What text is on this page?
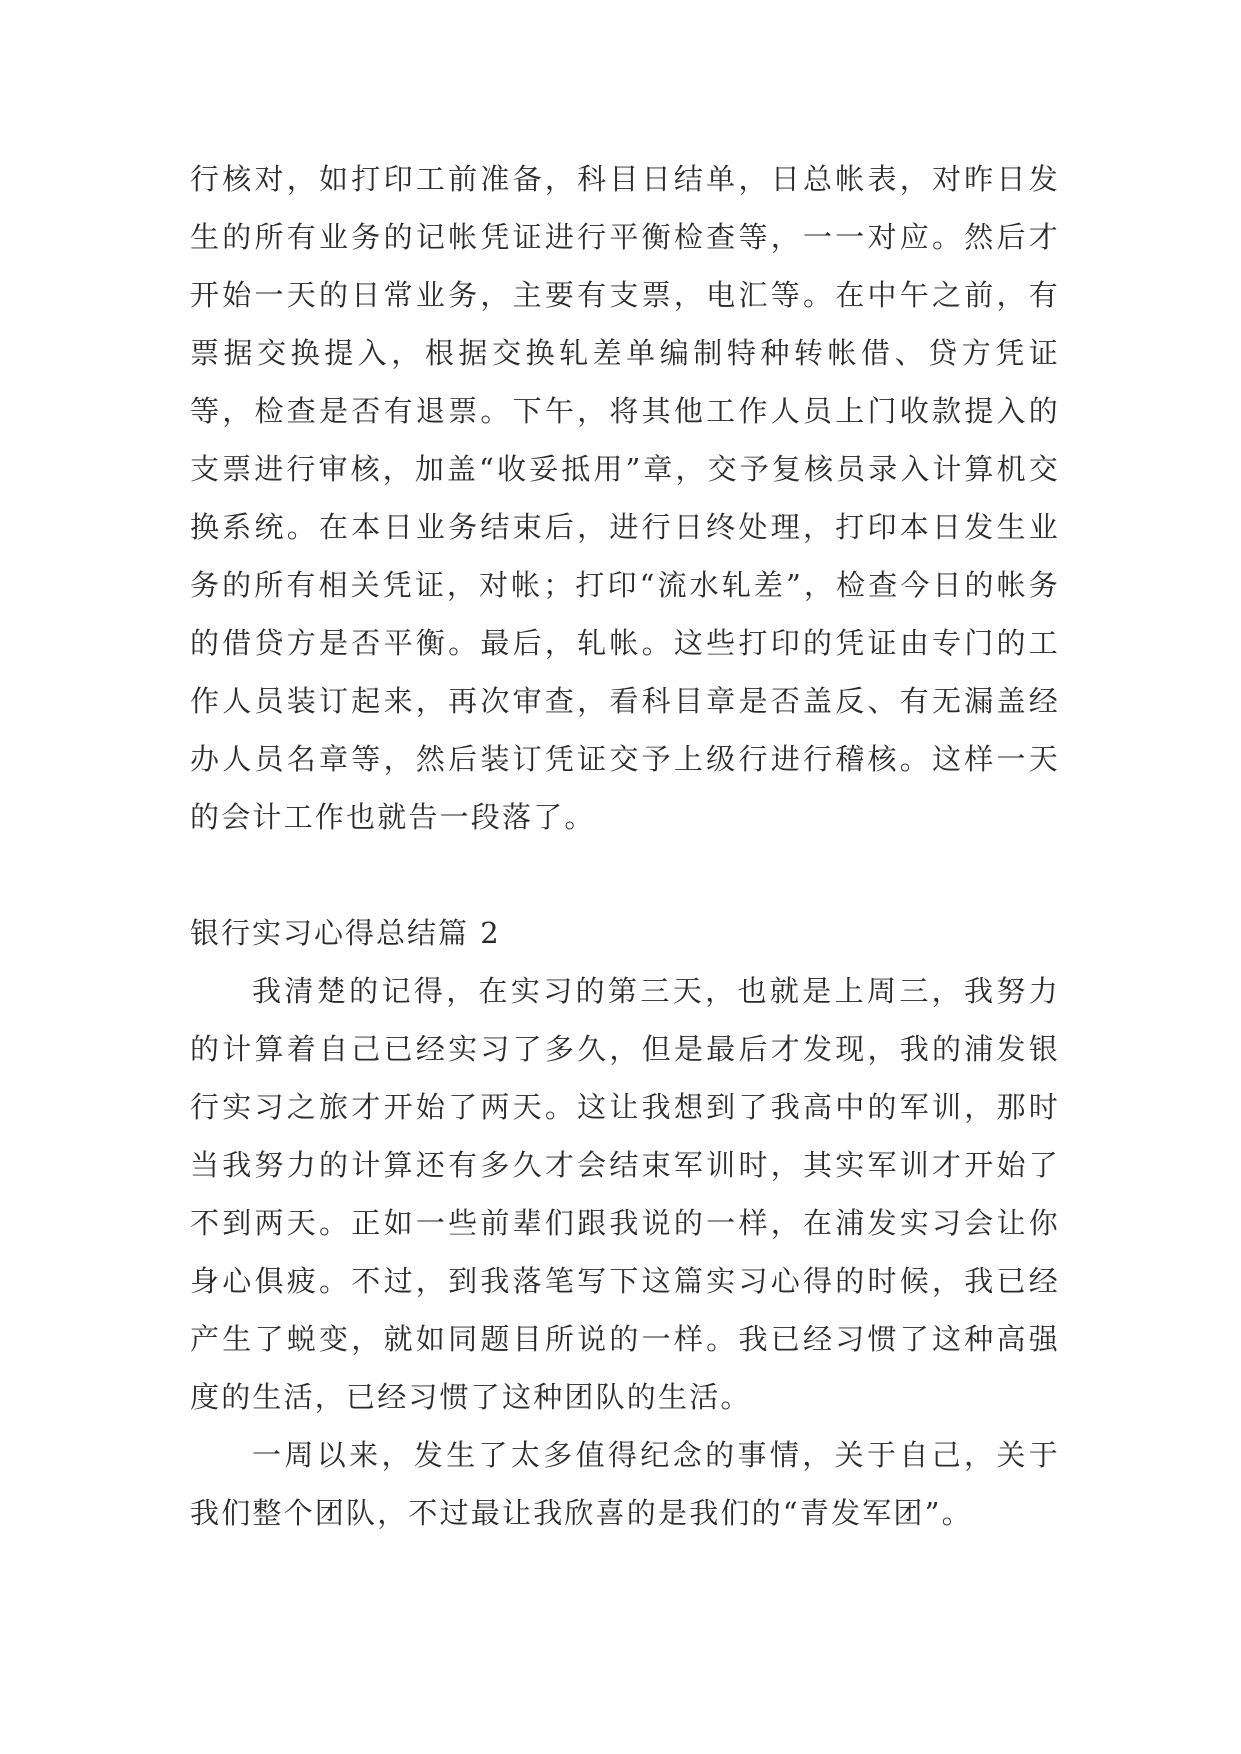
行核对，如打印工前准备，科目日结单，日总帐表，对昨日发生的所有业务的记帐凭证进行平衡检查等，一一对应。然后才开始一天的日常业务，主要有支票，电汇等。在中午之前，有票据交换提入，根据交换轧差单编制特种转帐借、贷方凭证等，检查是否有退票。下午，将其他工作人员上门收款提入的支票进行审核，加盖“收妥抵用”章，交予复核员录入计算机交换系统。在本日业务结束后，进行日终处理，打印本日发生业务的所有相关凭证，对帐；打印“流水轧差”，检查今日的帐务的借贷方是否平衡。最后，轧帐。这些打印的凭证由专门的工作人员装订起来，再次审查，看科目章是否盖反、有无漏盖经办人员名章等，然后装订凭证交予上级行进行稽核。这样一天的会计工作也就告一段落了。

银行实习心得总结篇 2

我清楚的记得，在实习的第三天，也就是上周三，我努力的计算着自己已经实习了多久，但是最后才发现，我的浦发银行实习之旅才开始了两天。这让我想到了我高中的军训，那时当我努力的计算还有多久才会结束军训时，其实军训才开始了不到两天。正如一些前辈们跟我说的一样，在浦发实习会让你身心俱疲。不过，到我落笔写下这篇实习心得的时候，我已经产生了蜕变，就如同题目所说的一样。我已经习惯了这种高强度的生活，已经习惯了这种团队的生活。

一周以来，发生了太多值得纪念的事情，关于自己，关于我们整个团队，不过最让我欣喜的是我们的“青发军团”。
